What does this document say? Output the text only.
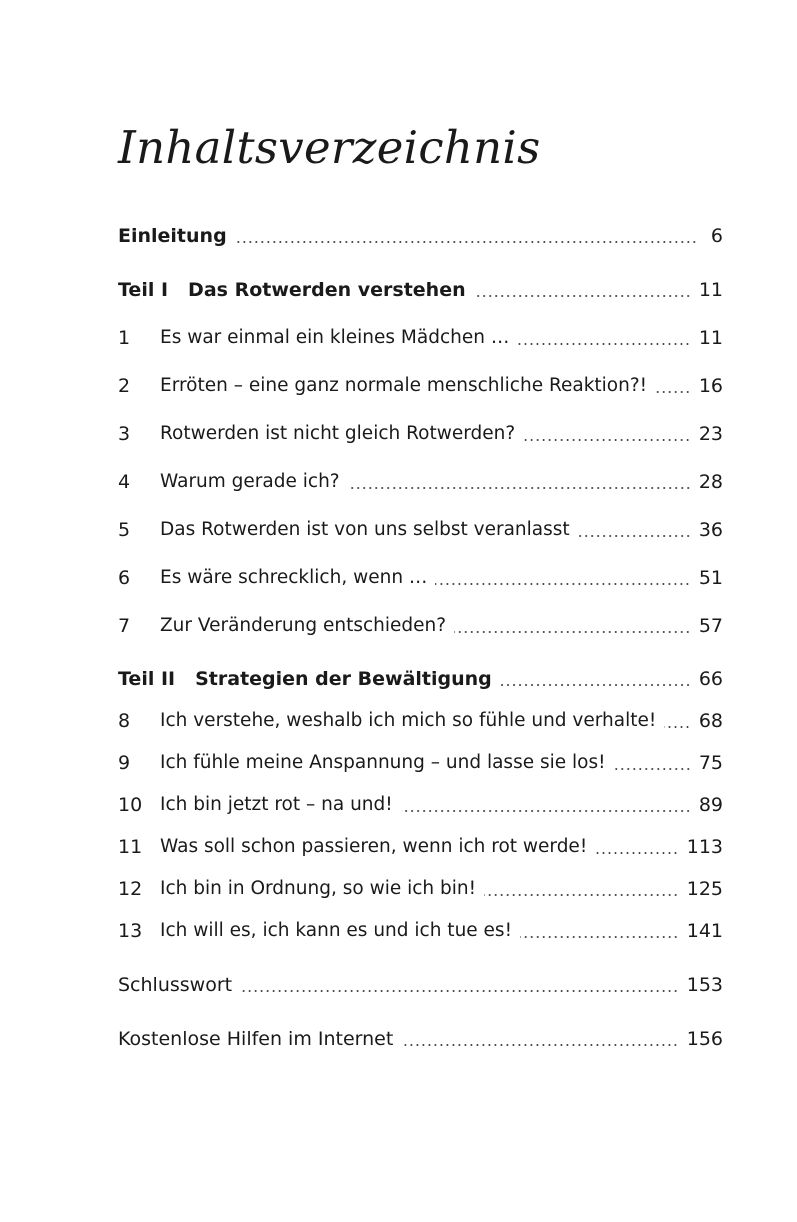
Inhaltsverzeichnis
Einleitung	6
Teil I Das Rotwerden verstehen	11
1	Es war einmal ein kleines Mädchen …	11
2	Erröten – eine ganz normale menschliche Reaktion?!	16
3	Rotwerden ist nicht gleich Rotwerden?	23
4	Warum gerade ich?	28
5	Das Rotwerden ist von uns selbst veranlasst	36
6	Es wäre schrecklich, wenn …	51
7	Zur Veränderung entschieden?	57
Teil II Strategien der Bewältigung	66
8	Ich verstehe, weshalb ich mich so fühle und verhalte! 68
9	Ich fühle meine Anspannung – und lasse sie los!	75
10 Ich bin jetzt rot – na und!	89
11 Was soll schon passieren, wenn ich rot werde!	113
12 Ich bin in Ordnung, so wie ich bin!	125
13 Ich will es, ich kann es und ich tue es!	141
Schlusswort	153
Kostenlose Hilfen im Internet	156
